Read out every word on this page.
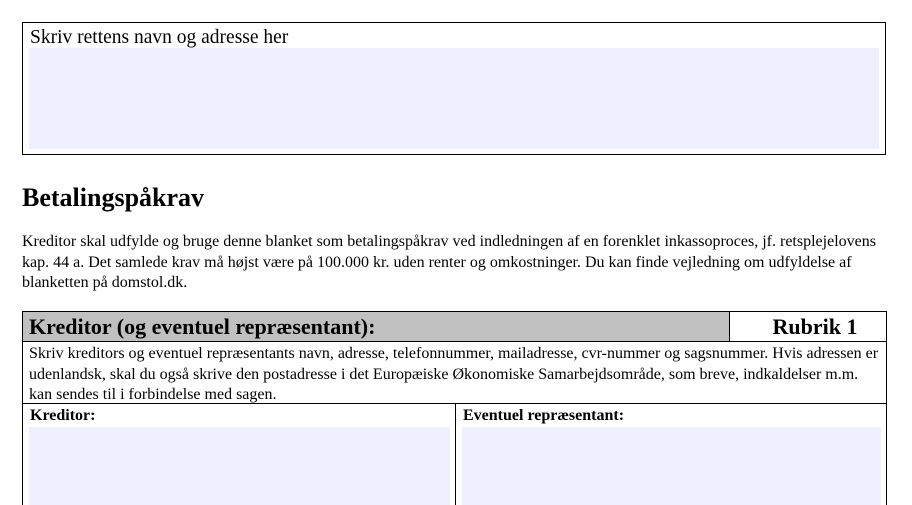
Skriv rettens navn og adresse her
Betalingspåkrav

Kreditor skal udfylde og bruge denne blanket som betalingspåkrav ved indledningen af en forenklet inkassoproces, jf. retsplejelovens kap. 44 a. Det samlede krav må højst være på 100.000 kr. uden renter og omkostninger. Du kan finde vejledning om udfyldelse af blanketten på domstol.dk.

Kreditor (og eventuel repræsentant):	Rubrik 1
Skriv kreditors og eventuel repræsentants navn, adresse, telefonnummer, mailadresse, cvr-nummer og sagsnummer. Hvis adressen er udenlandsk, skal du også skrive den postadresse i det Europæiske Økonomiske Samarbejdsområde, som breve, indkaldelser m.m. kan sendes til i forbindelse med sagen.
Kreditor:	Eventuel repræsentant:
